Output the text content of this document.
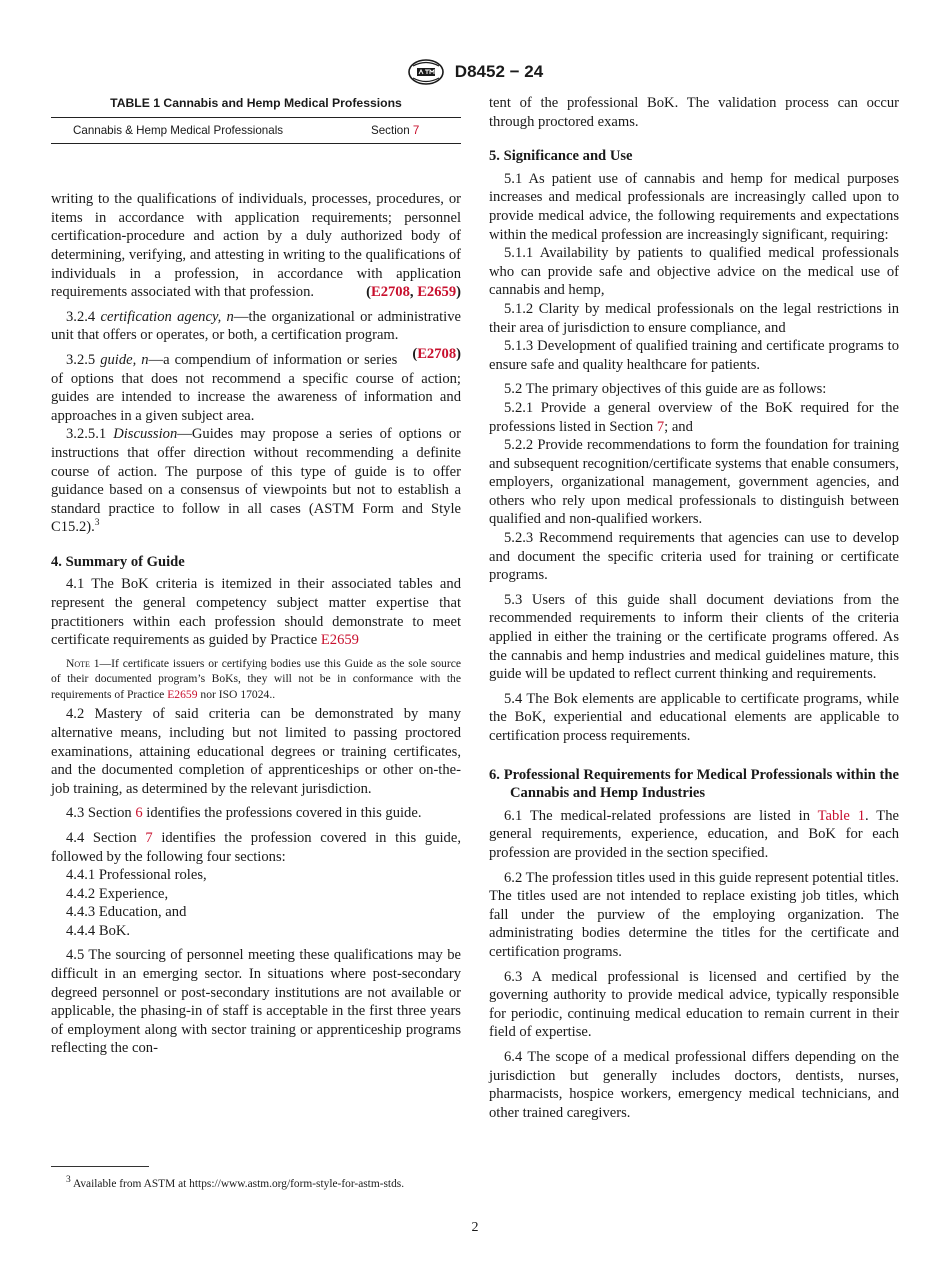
D8452 − 24
TABLE 1 Cannabis and Hemp Medical Professions
Cannabis & Hemp Medical Professionals	Section 7

writing to the qualifications of individuals, processes, procedures, or items in accordance with application requirements; personnel certification-procedure and action by a duly authorized body of determining, verifying, and attesting in writing to the qualifications of individuals in a profession, in accordance with application requirements associated with that profession.	(E2708, E2659)

3.2.4 certification agency, n—the organizational or administrative unit that offers or operates, or both, a certification program.
(E2708)

3.2.5 guide, n—a compendium of information or series of options that does not recommend a specific course of action; guides are intended to increase the awareness of information and approaches in a given subject area.

3.2.5.1 Discussion—Guides may propose a series of options or instructions that offer direction without recommending a definite course of action. The purpose of this type of guide is to offer guidance based on a consensus of viewpoints but not to establish a standard practice to follow in all cases (ASTM Form and Style C15.2).$^3$

4. Summary of Guide

4.1 The BoK criteria is itemized in their associated tables and represent the general competency subject matter expertise that practitioners within each profession should demonstrate to meet certificate requirements as guided by Practice E2659

Note 1—If certificate issuers or certifying bodies use this Guide as the sole source of their documented program’s BoKs, they will not be in conformance with the requirements of Practice E2659 nor ISO 17024..

4.2 Mastery of said criteria can be demonstrated by many alternative means, including but not limited to passing proctored examinations, attaining educational degrees or training certificates, and the documented completion of apprenticeships or other on-the-job training, as determined by the relevant jurisdiction.

4.3 Section 6 identifies the professions covered in this guide.

4.4 Section 7 identifies the profession covered in this guide, followed by the following four sections:

4.4.1 Professional roles,

4.4.2 Experience,

4.4.3 Education, and

4.4.4 BoK.

4.5 The sourcing of personnel meeting these qualifications may be difficult in an emerging sector. In situations where post-secondary degreed personnel or post-secondary institutions are not available or applicable, the phasing-in of staff is acceptable in the first three years of employment along with sector training or apprenticeship programs reflecting the con-

tent of the professional BoK. The validation process can occur through proctored exams.

5. Significance and Use

5.1 As patient use of cannabis and hemp for medical purposes increases and medical professionals are increasingly called upon to provide medical advice, the following requirements and expectations within the medical profession are increasingly significant, requiring:

5.1.1 Availability by patients to qualified medical professionals who can provide safe and objective advice on the medical use of cannabis and hemp,

5.1.2 Clarity by medical professionals on the legal restrictions in their area of jurisdiction to ensure compliance, and

5.1.3 Development of qualified training and certificate programs to ensure safe and quality healthcare for patients.

5.2 The primary objectives of this guide are as follows:

5.2.1 Provide a general overview of the BoK required for the professions listed in Section 7; and

5.2.2 Provide recommendations to form the foundation for training and subsequent recognition/certificate systems that enable consumers, employers, organizational management, government agencies, and others who rely upon medical professionals to distinguish between qualified and non-qualified workers.

5.2.3 Recommend requirements that agencies can use to develop and document the specific criteria used for training or certificate programs.

5.3 Users of this guide shall document deviations from the recommended requirements to inform their clients of the criteria applied in either the training or the certificate programs offered. As the cannabis and hemp industries and medical guidelines mature, this guide will be updated to reflect current thinking and requirements.

5.4 The Bok elements are applicable to certificate programs, while the BoK, experiential and educational elements are applicable to certification process requirements.

6. Professional Requirements for Medical Professionals within the Cannabis and Hemp Industries

6.1 The medical-related professions are listed in Table 1. The general requirements, experience, education, and BoK for each profession are provided in the section specified.

6.2 The profession titles used in this guide represent potential titles. The titles used are not intended to replace existing job titles, which fall under the purview of the employing organization. The administrating bodies determine the titles for the certificate and certification programs.

6.3 A medical professional is licensed and certified by the governing authority to provide medical advice, typically responsible for periodic, continuing medical education to remain current in their field of expertise.

6.4 The scope of a medical professional differs depending on the jurisdiction but generally includes doctors, dentists, nurses, pharmacists, hospice workers, emergency medical technicians, and other trained caregivers.

$^3$ Available from ASTM at https://www.astm.org/form-style-for-astm-stds.
2
